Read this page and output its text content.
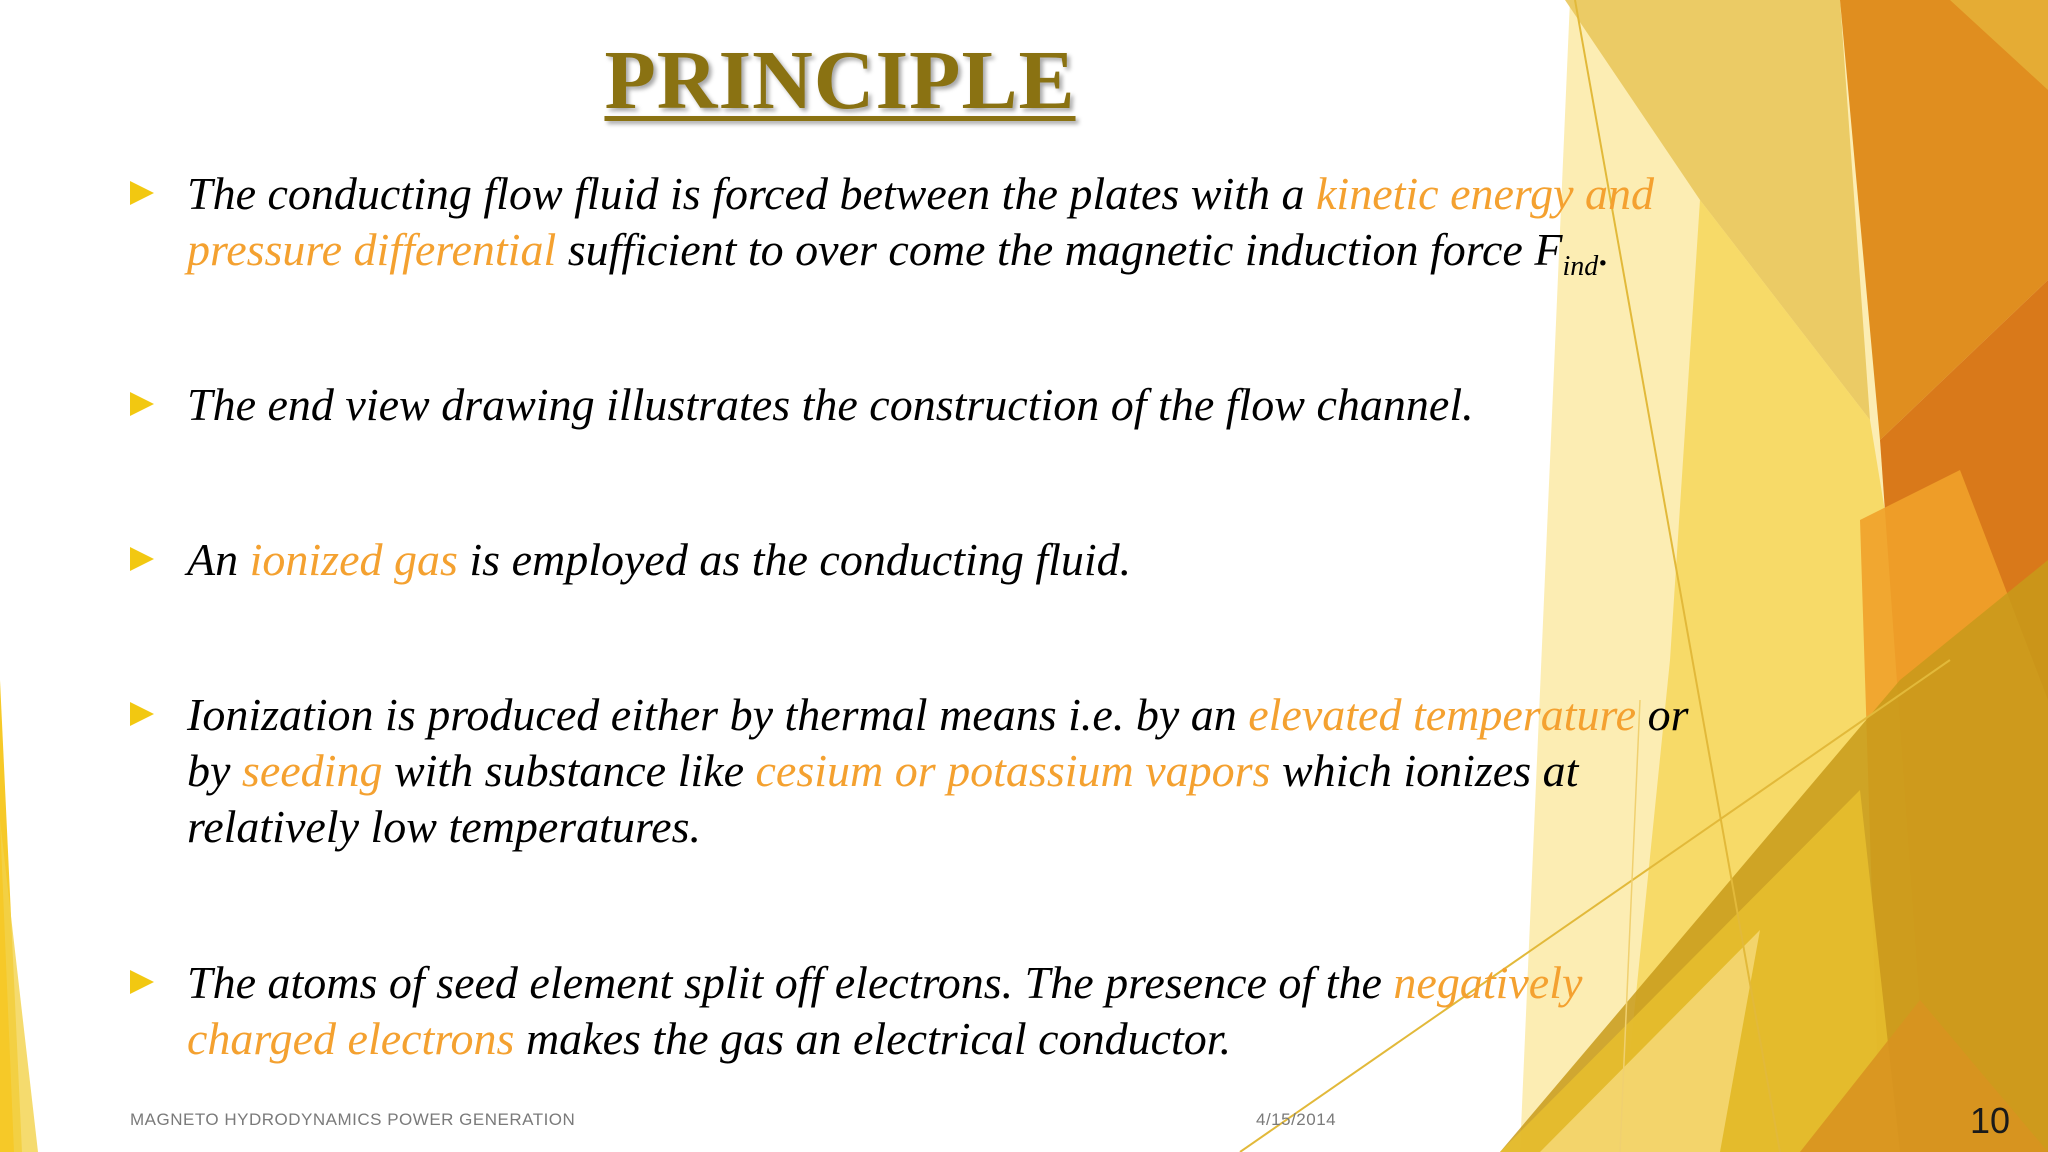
PRINCIPLE
The conducting flow fluid is forced between the plates with a kinetic energy and pressure differential sufficient to over come the magnetic induction force $F_{ind}$.
The end view drawing illustrates the construction of the flow channel.
An ionized gas is employed as the conducting fluid.
Ionization is produced either by thermal means i.e. by an elevated temperature or by seeding with substance like cesium or potassium vapors which ionizes at relatively low temperatures.
The atoms of seed element split off electrons. The presence of the negatively charged electrons makes the gas an electrical conductor.
MAGNETO HYDRODYNAMICS POWER GENERATION	4/15/2014	10
